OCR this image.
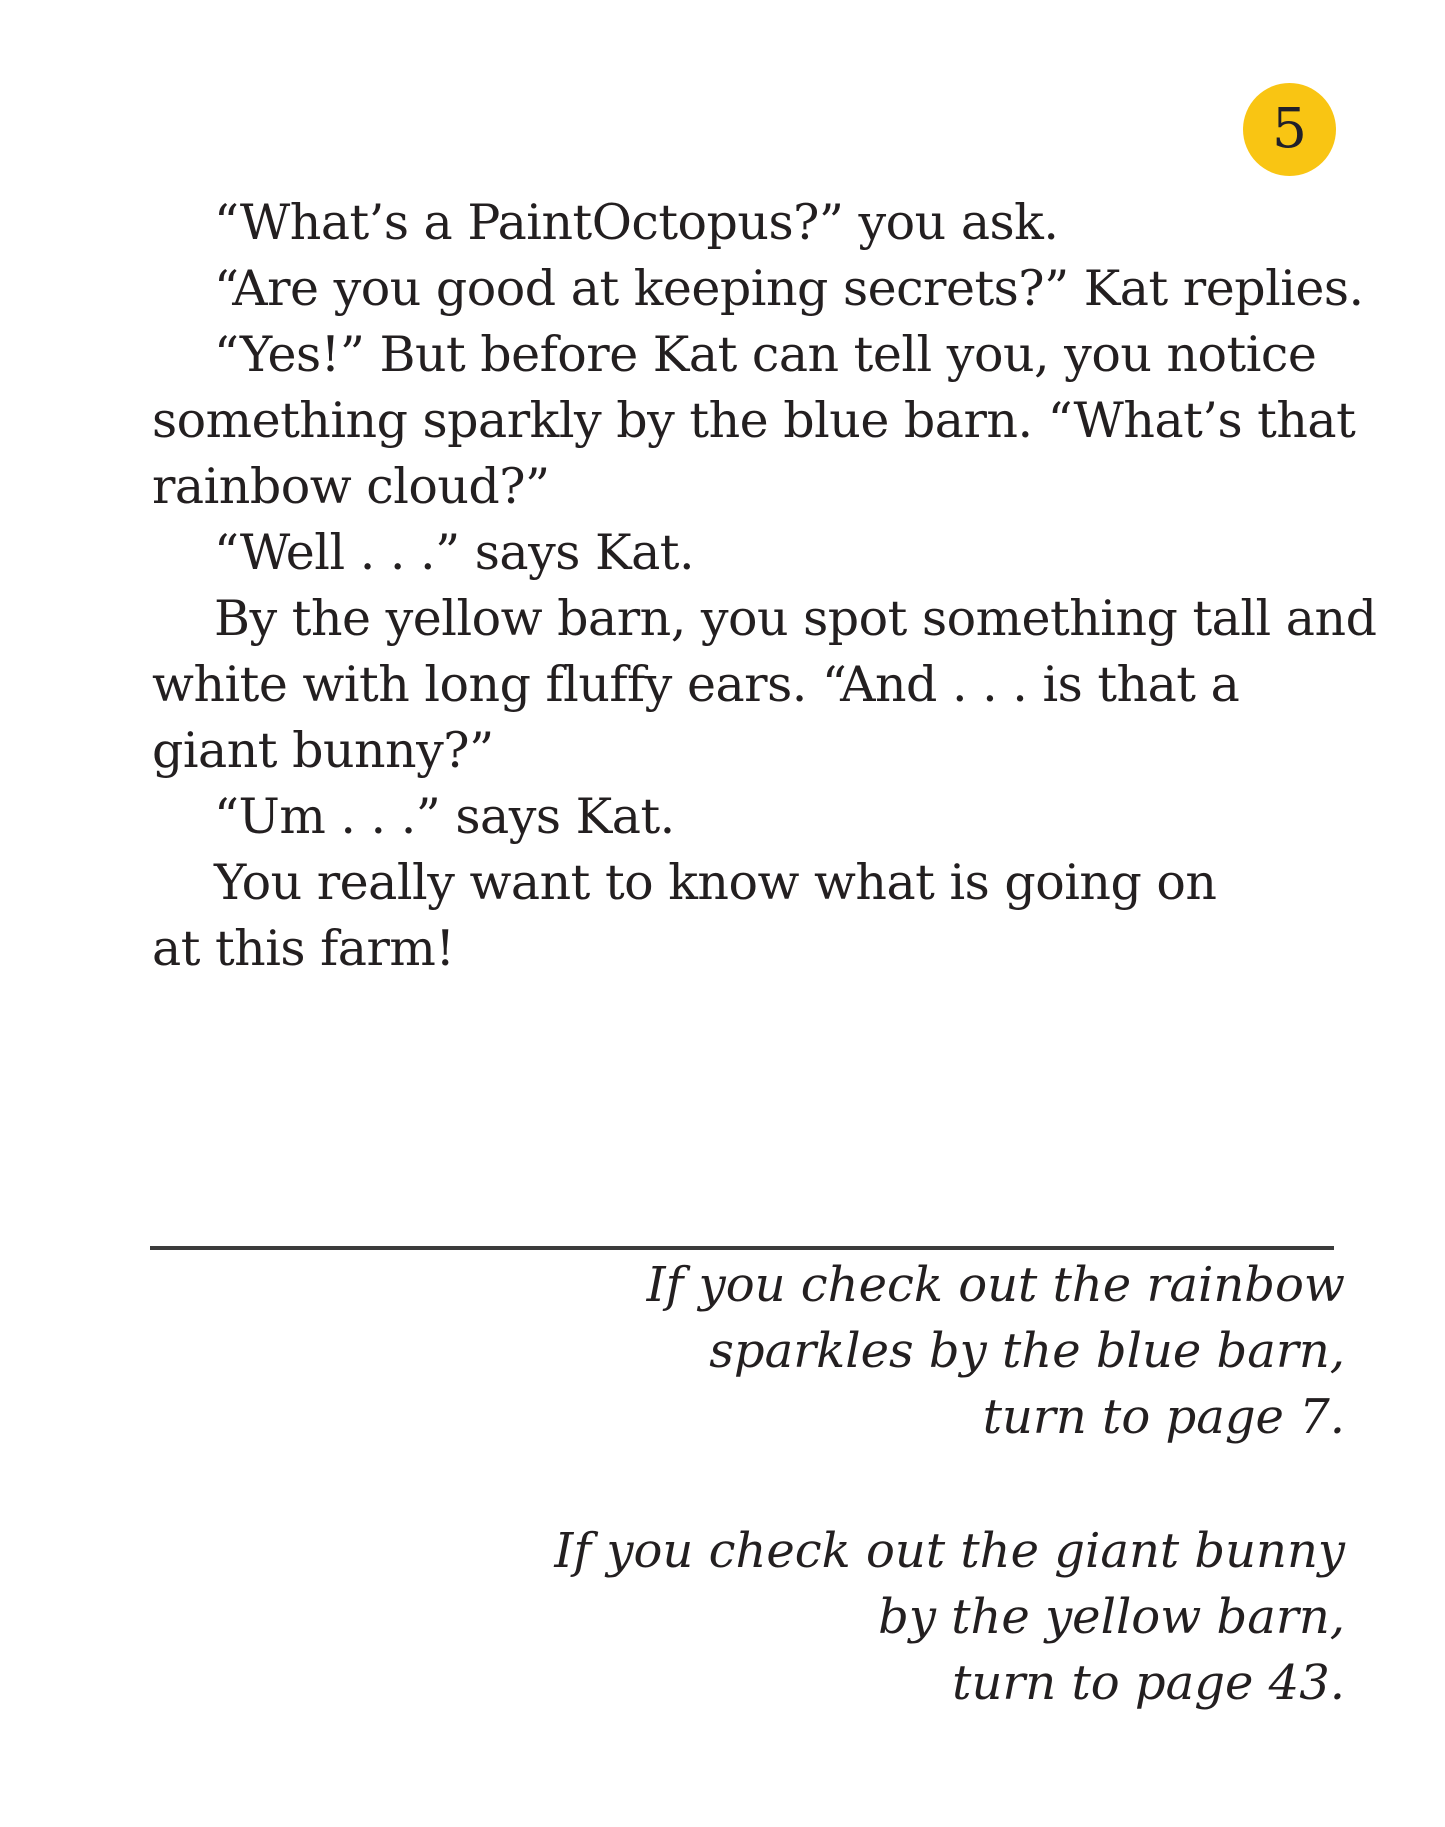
5
“What’s a PaintOctopus?” you ask.
“Are you good at keeping secrets?” Kat replies.
“Yes!” But before Kat can tell you, you notice
something sparkly by the blue barn. “What’s that
rainbow cloud?”
“Well . . .” says Kat.
By the yellow barn, you spot something tall and
white with long fluffy ears. “And . . . is that a
giant bunny?”
“Um . . .” says Kat.
You really want to know what is going on
at this farm!
If you check out the rainbow
sparkles by the blue barn,
turn to page 7.
If you check out the giant bunny
by the yellow barn,
turn to page 43.
